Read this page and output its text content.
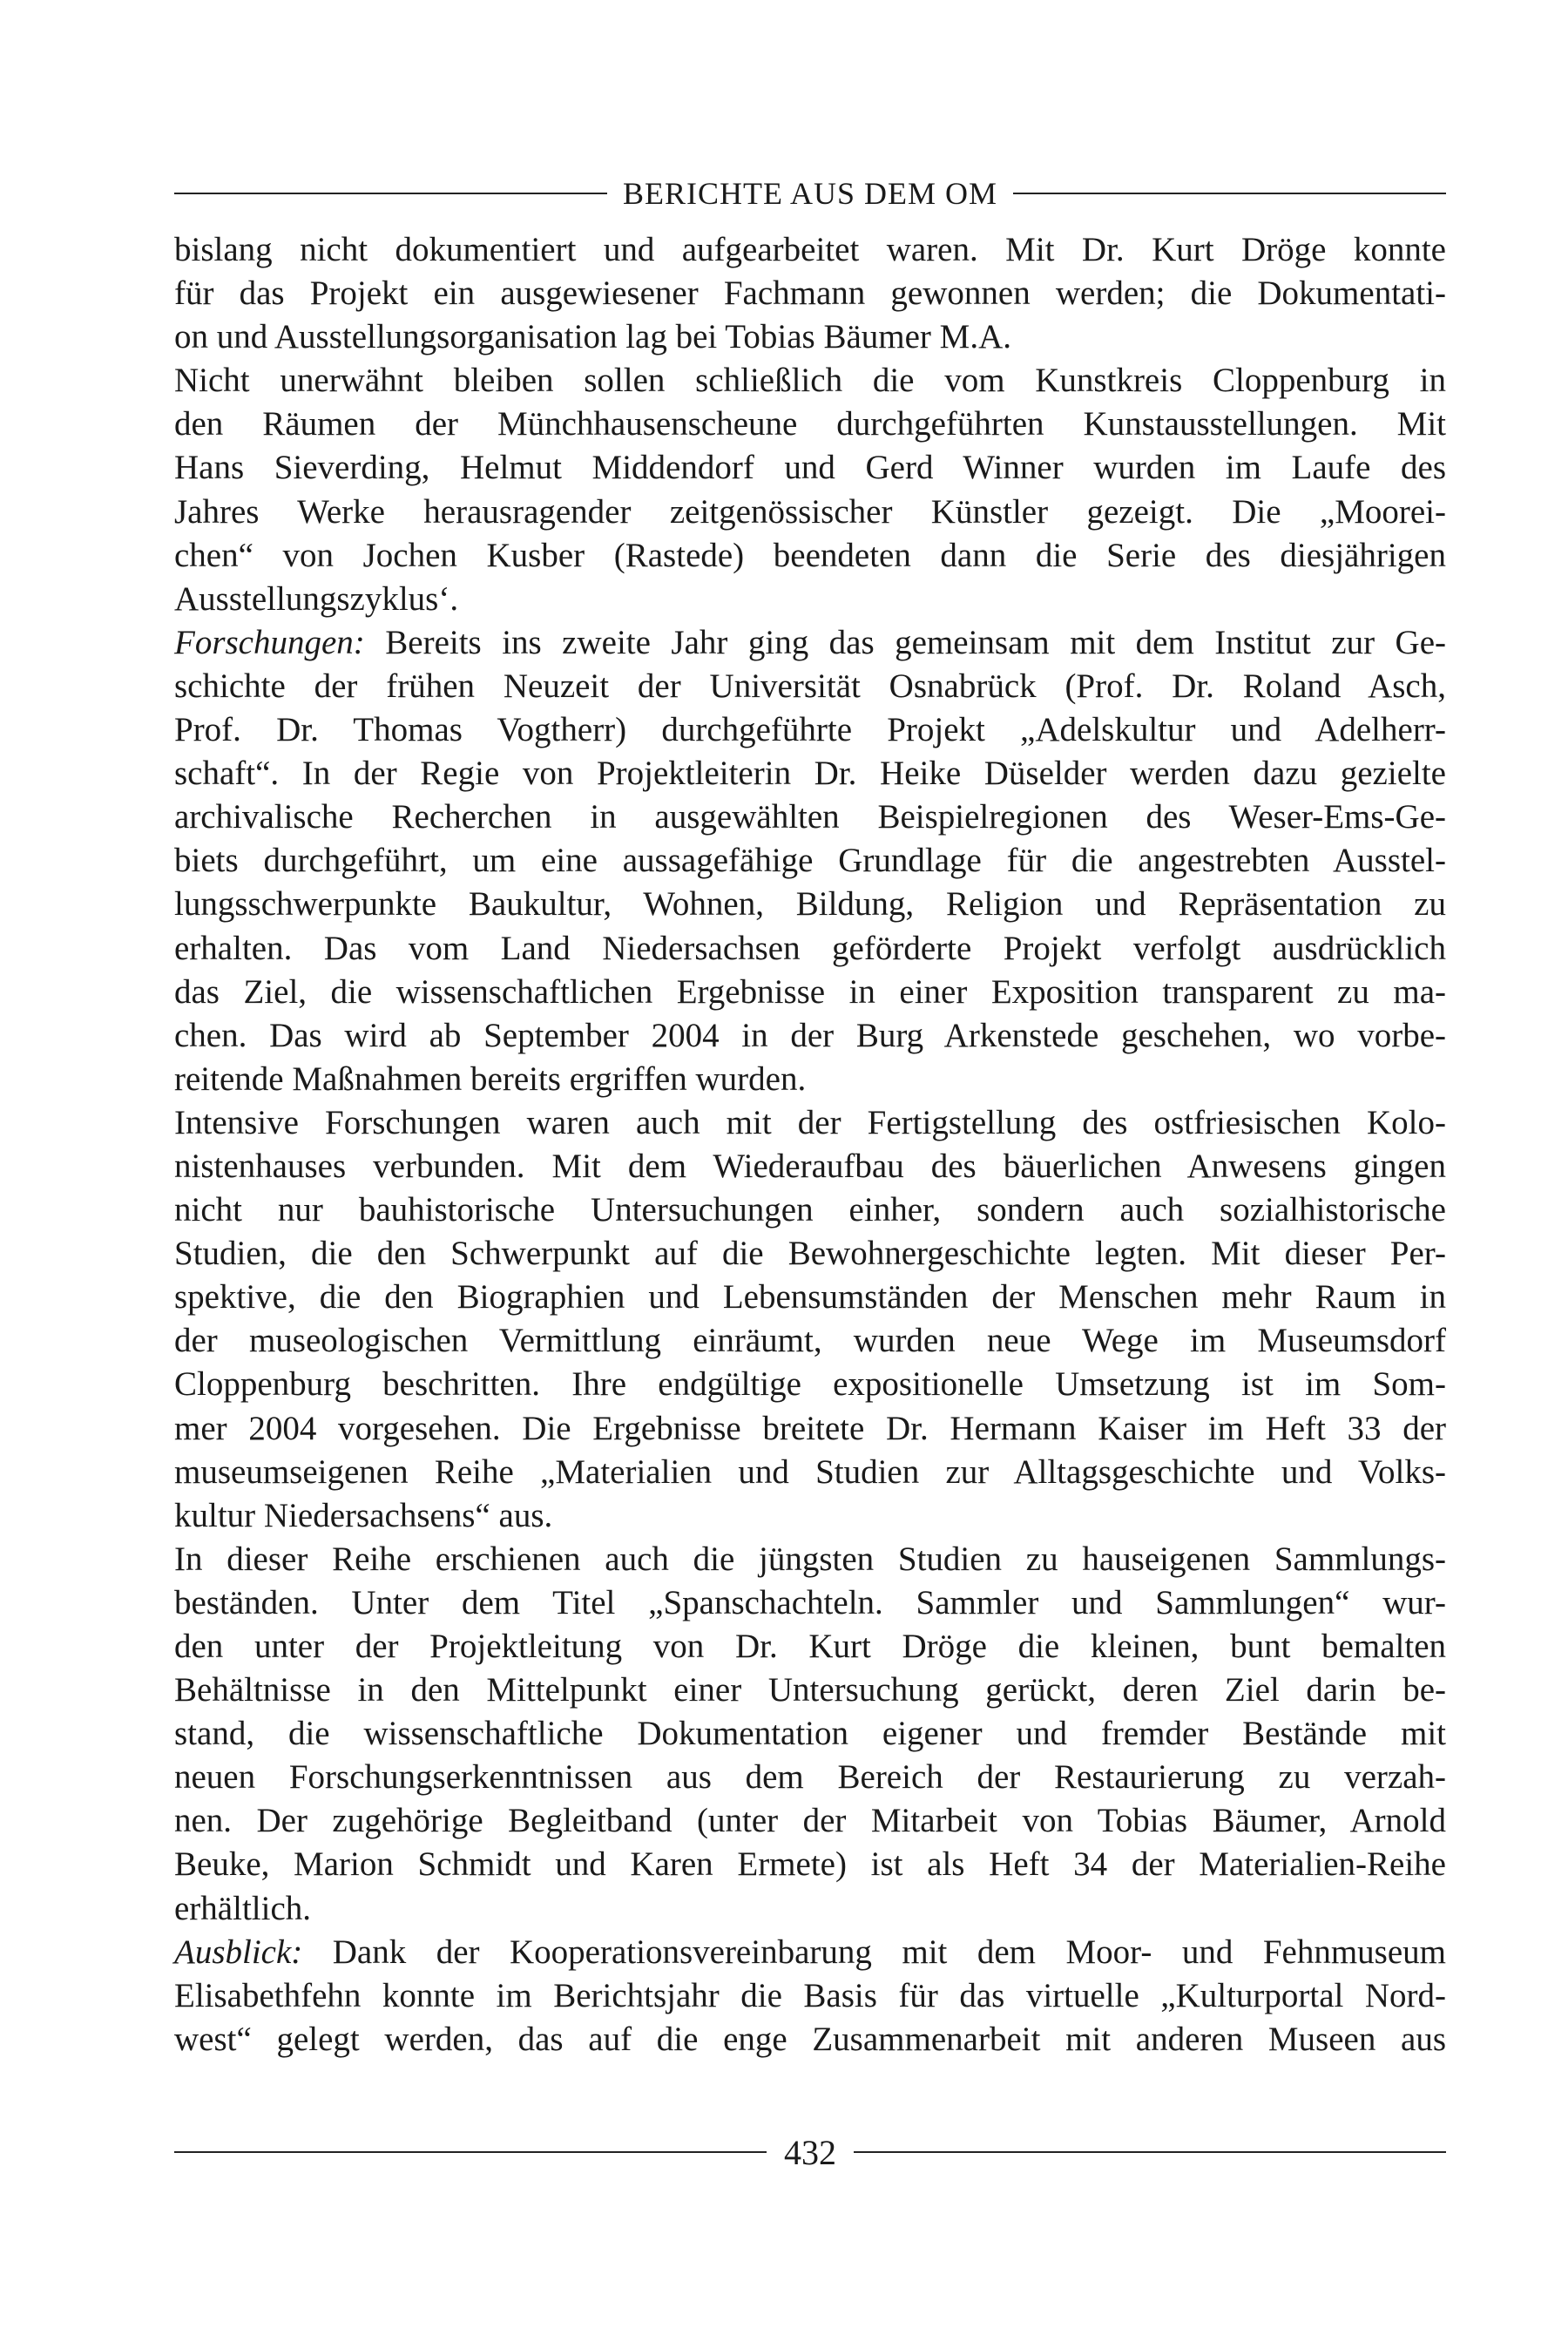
BERICHTE AUS DEM OM
bislang nicht dokumentiert und aufgearbeitet waren. Mit Dr. Kurt Dröge konnte
für das Projekt ein ausgewiesener Fachmann gewonnen werden; die Dokumentati-
on und Ausstellungsorganisation lag bei Tobias Bäumer M.A.
Nicht unerwähnt bleiben sollen schließlich die vom Kunstkreis Cloppenburg in
den Räumen der Münchhausenscheune durchgeführten Kunstausstellungen. Mit
Hans Sieverding, Helmut Middendorf und Gerd Winner wurden im Laufe des
Jahres Werke herausragender zeitgenössischer Künstler gezeigt. Die „Moorei-
chen“ von Jochen Kusber (Rastede) beendeten dann die Serie des diesjährigen
Ausstellungszyklus‘.
Forschungen: Bereits ins zweite Jahr ging das gemeinsam mit dem Institut zur Ge-
schichte der frühen Neuzeit der Universität Osnabrück (Prof. Dr. Roland Asch,
Prof. Dr. Thomas Vogtherr) durchgeführte Projekt „Adelskultur und Adelherr-
schaft“. In der Regie von Projektleiterin Dr. Heike Düselder werden dazu gezielte
archivalische Recherchen in ausgewählten Beispielregionen des Weser-Ems-Ge-
biets durchgeführt, um eine aussagefähige Grundlage für die angestrebten Ausstel-
lungsschwerpunkte Baukultur, Wohnen, Bildung, Religion und Repräsentation zu
erhalten. Das vom Land Niedersachsen geförderte Projekt verfolgt ausdrücklich
das Ziel, die wissenschaftlichen Ergebnisse in einer Exposition transparent zu ma-
chen. Das wird ab September 2004 in der Burg Arkenstede geschehen, wo vorbe-
reitende Maßnahmen bereits ergriffen wurden.
Intensive Forschungen waren auch mit der Fertigstellung des ostfriesischen Kolo-
nistenhauses verbunden. Mit dem Wiederaufbau des bäuerlichen Anwesens gingen
nicht nur bauhistorische Untersuchungen einher, sondern auch sozialhistorische
Studien, die den Schwerpunkt auf die Bewohnergeschichte legten. Mit dieser Per-
spektive, die den Biographien und Lebensumständen der Menschen mehr Raum in
der museologischen Vermittlung einräumt, wurden neue Wege im Museumsdorf
Cloppenburg beschritten. Ihre endgültige expositionelle Umsetzung ist im Som-
mer 2004 vorgesehen. Die Ergebnisse breitete Dr. Hermann Kaiser im Heft 33 der
museumseigenen Reihe „Materialien und Studien zur Alltagsgeschichte und Volks-
kultur Niedersachsens“ aus.
In dieser Reihe erschienen auch die jüngsten Studien zu hauseigenen Sammlungs-
beständen. Unter dem Titel „Spanschachteln. Sammler und Sammlungen“ wur-
den unter der Projektleitung von Dr. Kurt Dröge die kleinen, bunt bemalten
Behältnisse in den Mittelpunkt einer Untersuchung gerückt, deren Ziel darin be-
stand, die wissenschaftliche Dokumentation eigener und fremder Bestände mit
neuen Forschungserkenntnissen aus dem Bereich der Restaurierung zu verzah-
nen. Der zugehörige Begleitband (unter der Mitarbeit von Tobias Bäumer, Arnold
Beuke, Marion Schmidt und Karen Ermete) ist als Heft 34 der Materialien-Reihe
erhältlich.
Ausblick: Dank der Kooperationsvereinbarung mit dem Moor- und Fehnmuseum
Elisabethfehn konnte im Berichtsjahr die Basis für das virtuelle „Kulturportal Nord-
west“ gelegt werden, das auf die enge Zusammenarbeit mit anderen Museen aus
432
